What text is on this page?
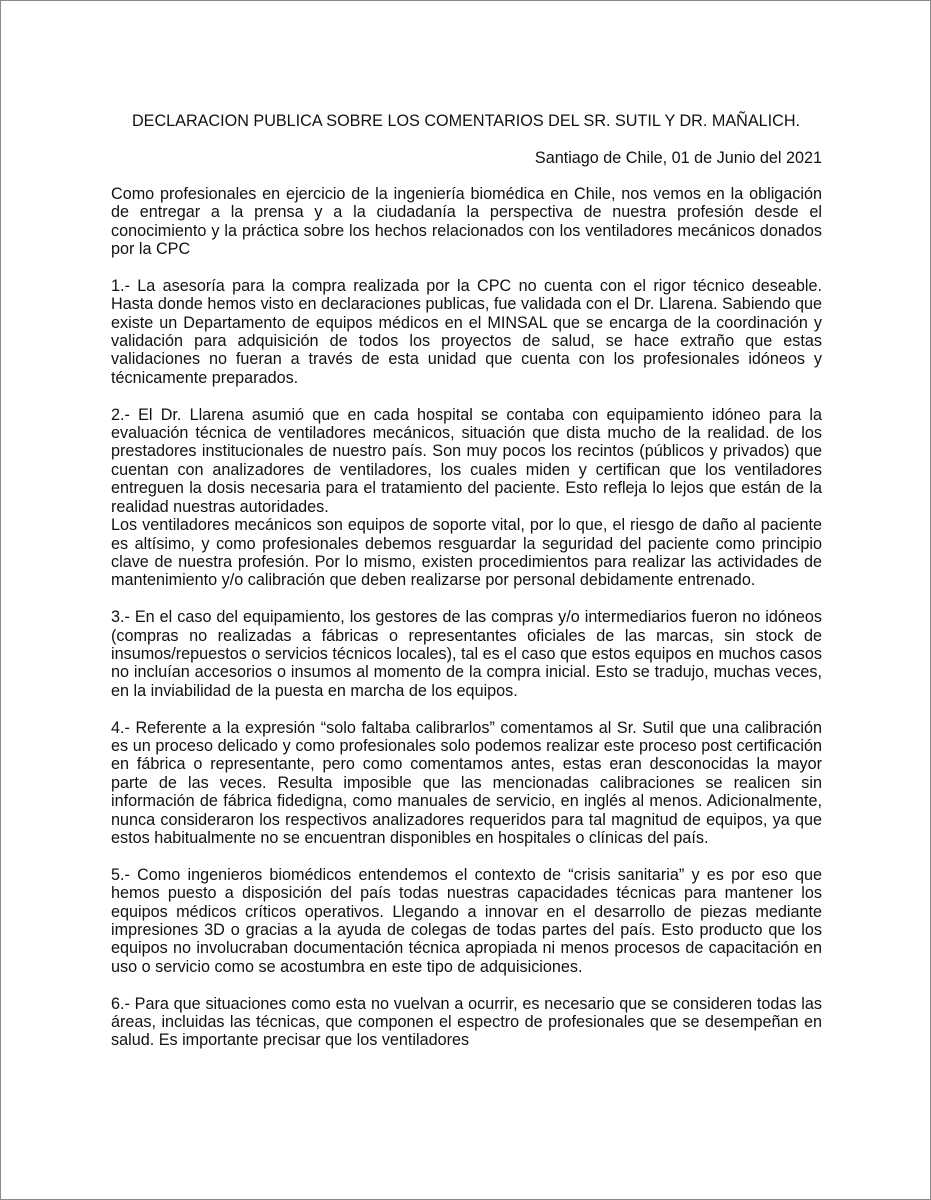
DECLARACION PUBLICA SOBRE LOS COMENTARIOS DEL SR. SUTIL Y DR. MAÑALICH.
Santiago de Chile, 01 de Junio del 2021

Como profesionales en ejercicio de la ingeniería biomédica en Chile, nos vemos en la obligación de entregar a la prensa y a la ciudadanía la perspectiva de nuestra profesión desde el conocimiento y la práctica sobre los hechos relacionados con los ventiladores mecánicos donados por la CPC

1.- La asesoría para la compra realizada por la CPC no cuenta con el rigor técnico deseable. Hasta donde hemos visto en declaraciones publicas, fue validada con el Dr. Llarena. Sabiendo que existe un Departamento de equipos médicos en el MINSAL que se encarga de la coordinación y validación para adquisición de todos los proyectos de salud, se hace extraño que estas validaciones no fueran a través de esta unidad que cuenta con los profesionales idóneos y técnicamente preparados.

2.- El Dr. Llarena asumió que en cada hospital se contaba con equipamiento idóneo para la evaluación técnica de ventiladores mecánicos, situación que dista mucho de la realidad. de los prestadores institucionales de nuestro país. Son muy pocos los recintos (públicos y privados) que cuentan con analizadores de ventiladores, los cuales miden y certifican que los ventiladores entreguen la dosis necesaria para el tratamiento del paciente. Esto refleja lo lejos que están de la realidad nuestras autoridades.

Los ventiladores mecánicos son equipos de soporte vital, por lo que, el riesgo de daño al paciente es altísimo, y como profesionales debemos resguardar la seguridad del paciente como principio clave de nuestra profesión. Por lo mismo, existen procedimientos para realizar las actividades de mantenimiento y/o calibración que deben realizarse por personal debidamente entrenado.

3.- En el caso del equipamiento, los gestores de las compras y/o intermediarios fueron no idóneos (compras no realizadas a fábricas o representantes oficiales de las marcas, sin stock de insumos/repuestos o servicios técnicos locales), tal es el caso que estos equipos en muchos casos no incluían accesorios o insumos al momento de la compra inicial. Esto se tradujo, muchas veces, en la inviabilidad de la puesta en marcha de los equipos.

4.- Referente a la expresión “solo faltaba calibrarlos” comentamos al Sr. Sutil que una calibración es un proceso delicado y como profesionales solo podemos realizar este proceso post certificación en fábrica o representante, pero como comentamos antes, estas eran desconocidas la mayor parte de las veces. Resulta imposible que las mencionadas calibraciones se realicen sin información de fábrica fidedigna, como manuales de servicio, en inglés al menos. Adicionalmente, nunca consideraron los respectivos analizadores requeridos para tal magnitud de equipos, ya que estos habitualmente no se encuentran disponibles en hospitales o clínicas del país.

5.- Como ingenieros biomédicos entendemos el contexto de “crisis sanitaria” y es por eso que hemos puesto a disposición del país todas nuestras capacidades técnicas para mantener los equipos médicos críticos operativos. Llegando a innovar en el desarrollo de piezas mediante impresiones 3D o gracias a la ayuda de colegas de todas partes del país. Esto producto que los equipos no involucraban documentación técnica apropiada ni menos procesos de capacitación en uso o servicio como se acostumbra en este tipo de adquisiciones.

6.- Para que situaciones como esta no vuelvan a ocurrir, es necesario que se consideren todas las áreas, incluidas las técnicas, que componen el espectro de profesionales que se desempeñan en salud. Es importante precisar que los ventiladores
